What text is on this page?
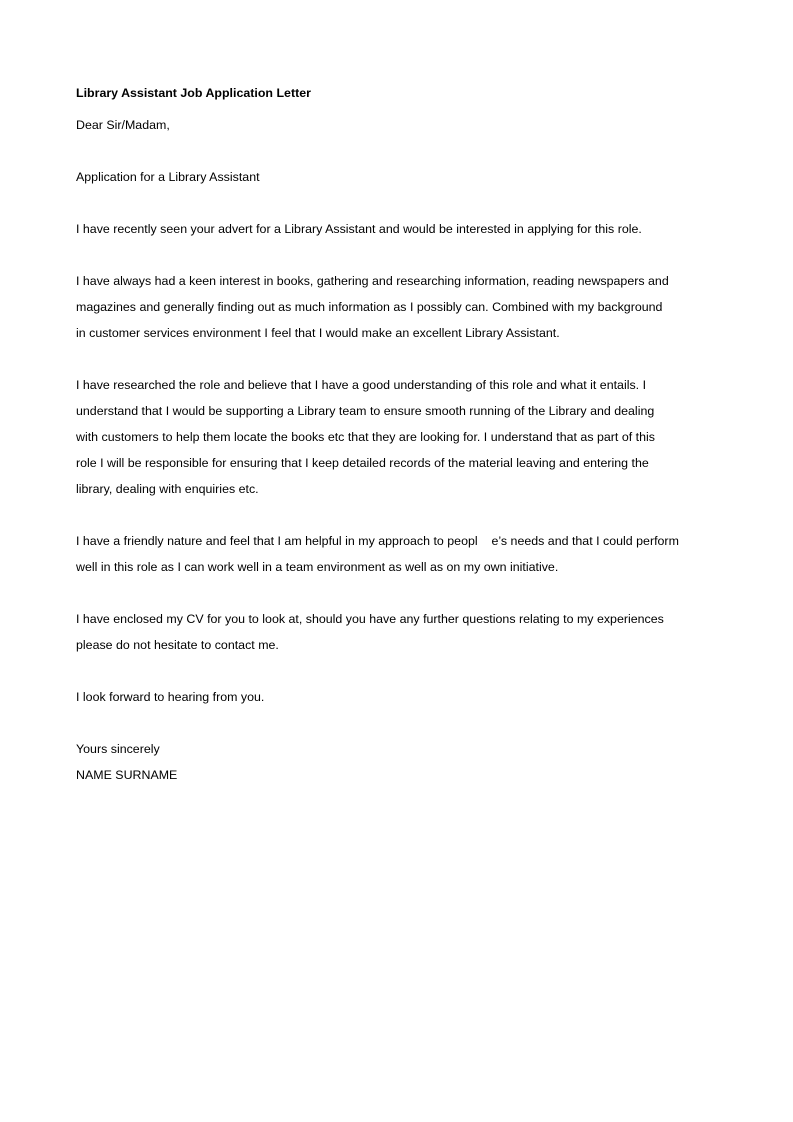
Library Assistant Job Application Letter
Dear Sir/Madam,
Application for a Library Assistant
I have recently seen your advert for a Library Assistant and would be interested in applying for this role.
I have always had a keen interest in books, gathering and researching information, reading newspapers and
magazines and generally finding out as much information as I possibly can. Combined with my background
in customer services environment I feel that I would make an excellent Library Assistant.
I have researched the role and believe that I have a good understanding of this role and what it entails. I
understand that I would be supporting a Library team to ensure smooth running of the Library and dealing
with customers to help them locate the books etc that they are looking for. I understand that as part of this
role I will be responsible for ensuring that I keep detailed records of the material leaving and entering the
library, dealing with enquiries etc.
I have a friendly nature and feel that I am helpful in my approach to peopl    e’s needs and that I could perform
well in this role as I can work well in a team environment as well as on my own initiative.
I have enclosed my CV for you to look at, should you have any further questions relating to my experiences
please do not hesitate to contact me.
I look forward to hearing from you.
Yours sincerely
NAME SURNAME
